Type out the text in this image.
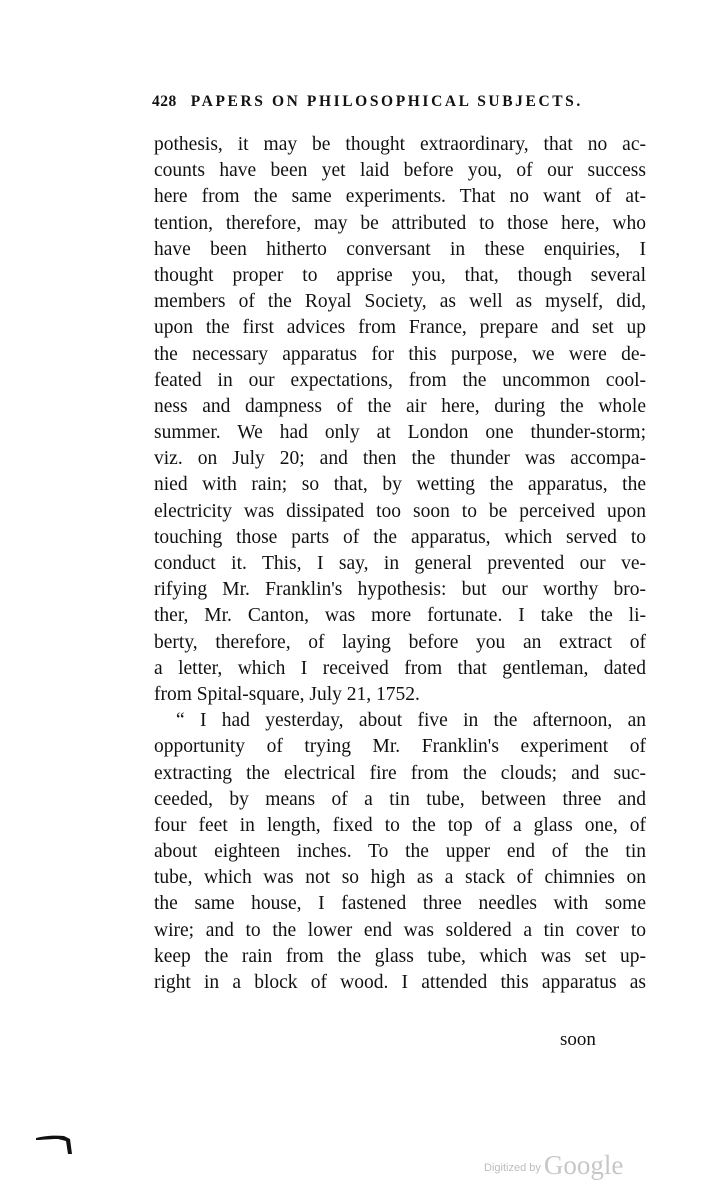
428 PAPERS ON PHILOSOPHICAL SUBJECTS.
pothesis, it may be thought extraordinary, that no ac-
counts have been yet laid before you, of our success
here from the same experiments. That no want of at-
tention, therefore, may be attributed to those here, who
have been hitherto conversant in these enquiries, I
thought proper to apprise you, that, though several
members of the Royal Society, as well as myself, did,
upon the first advices from France, prepare and set up
the necessary apparatus for this purpose, we were de-
feated in our expectations, from the uncommon cool-
ness and dampness of the air here, during the whole
summer. We had only at London one thunder-storm;
viz. on July 20; and then the thunder was accompa-
nied with rain; so that, by wetting the apparatus, the
electricity was dissipated too soon to be perceived upon
touching those parts of the apparatus, which served to
conduct it. This, I say, in general prevented our ve-
rifying Mr. Franklin's hypothesis: but our worthy bro-
ther, Mr. Canton, was more fortunate. I take the li-
berty, therefore, of laying before you an extract of
a letter, which I received from that gentleman, dated
from Spital-square, July 21, 1752.
“ I had yesterday, about five in the afternoon, an
opportunity of trying Mr. Franklin's experiment of
extracting the electrical fire from the clouds; and suc-
ceeded, by means of a tin tube, between three and
four feet in length, fixed to the top of a glass one, of
about eighteen inches. To the upper end of the tin
tube, which was not so high as a stack of chimnies on
the same house, I fastened three needles with some
wire; and to the lower end was soldered a tin cover to
keep the rain from the glass tube, which was set up-
right in a block of wood. I attended this apparatus as
soon
Digitized by Google
